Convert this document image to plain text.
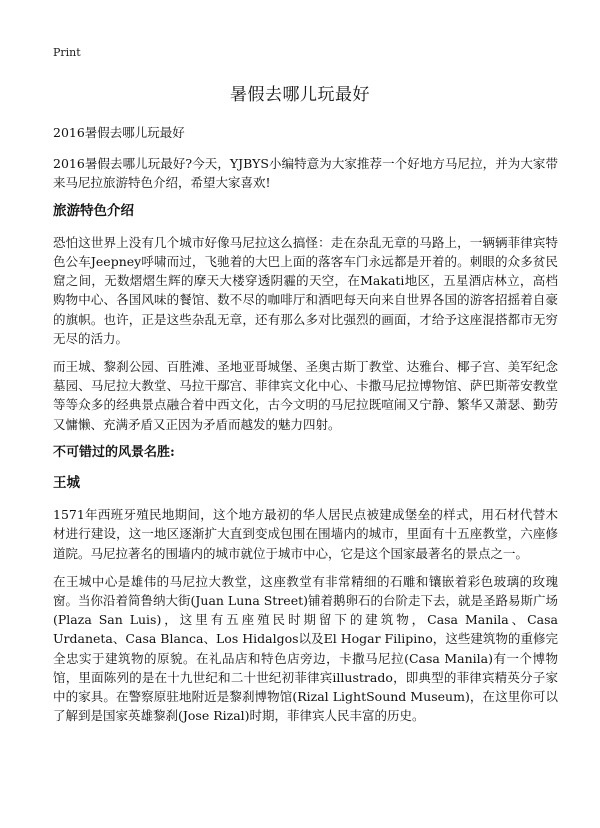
Print
暑假去哪儿玩最好

2016暑假去哪儿玩最好

2016暑假去哪儿玩最好?今天，YJBYS小编特意为大家推荐一个好地方马尼拉，并为大家带来马尼拉旅游特色介绍，希望大家喜欢!

旅游特色介绍

恐怕这世界上没有几个城市好像马尼拉这么搞怪：走在杂乱无章的马路上，一辆辆菲律宾特色公车Jeepney呼啸而过，飞驰着的大巴上面的落客车门永远都是开着的。刺眼的众多贫民窟之间，无数熠熠生辉的摩天大楼穿透阴霾的天空，在Makati地区，五星酒店林立，高档购物中心、各国风味的餐馆、数不尽的咖啡厅和酒吧每天向来自世界各国的游客招摇着自豪的旗帜。也许，正是这些杂乱无章，还有那么多对比强烈的画面，才给予这座混搭都市无穷无尽的活力。

而王城、黎刹公园、百胜滩、圣地亚哥城堡、圣奥古斯丁教堂、达雅台、椰子宫、美军纪念墓园、马尼拉大教堂、马拉干鄢宫、菲律宾文化中心、卡撒马尼拉博物馆、萨巴斯蒂安教堂等等众多的经典景点融合着中西文化，古今文明的马尼拉既喧闹又宁静、繁华又萧瑟、勤劳又慵懒、充满矛盾又正因为矛盾而越发的魅力四射。

不可错过的风景名胜:
王城

1571年西班牙殖民地期间，这个地方最初的华人居民点被建成堡垒的样式，用石材代替木材进行建设，这一地区逐渐扩大直到变成包围在围墙内的城市，里面有十五座教堂，六座修道院。马尼拉著名的围墙内的城市就位于城市中心，它是这个国家最著名的景点之一。

在王城中心是雄伟的马尼拉大教堂，这座教堂有非常精细的石雕和镶嵌着彩色玻璃的玫瑰窗。当你沿着简鲁纳大街(Juan Luna Street)铺着鹅卵石的台阶走下去，就是圣路易斯广场(Plaza San Luis)，这里有五座殖民时期留下的建筑物，Casa Manila、Casa Urdaneta、Casa Blanca、Los Hidalgos以及El Hogar Filipino，这些建筑物的重修完全忠实于建筑物的原貌。在礼品店和特色店旁边，卡撒马尼拉(Casa Manila)有一个博物馆，里面陈列的是在十九世纪和二十世纪初菲律宾illustrado，即典型的菲律宾精英分子家中的家具。在警察原驻地附近是黎刹博物馆(Rizal LightSound Museum)，在这里你可以了解到是国家英雄黎刹(Jose Rizal)时期，菲律宾人民丰富的历史。
